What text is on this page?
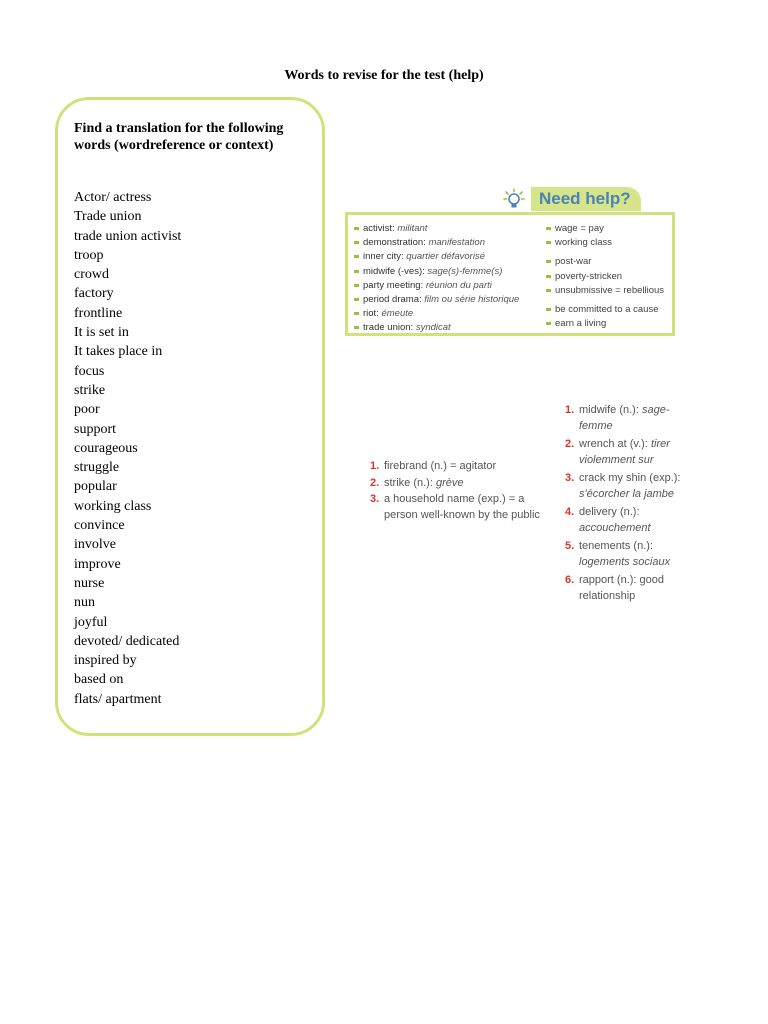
Words to revise for the test (help)

Find a translation for the following words (wordreference or context)

Actor/ actress
Trade union
trade union activist
troop
crowd
factory
frontline
It is set in
It takes place in
focus
strike
poor
support
courageous
struggle
popular
working class
convince
involve
improve
nurse
nun
joyful
devoted/ dedicated
inspired by
based on
flats/ apartment
Need help?
activist: militant
demonstration: manifestation
inner city: quartier défavorisé
midwife (-ves): sage(s)-femme(s)
party meeting: réunion du parti
period drama: film ou série historique
riot: émeute
trade union: syndicat
wage = pay
working class
post-war
poverty-stricken
unsubmissive = rebellious
be committed to a cause
earn a living
1. firebrand (n.) = agitator
2. strike (n.): grève
3. a household name (exp.) = a person well-known by the public
1. midwife (n.): sage-femme
2. wrench at (v.): tirer violemment sur
3. crack my shin (exp.): s'écorcher la jambe
4. delivery (n.): accouchement
5. tenements (n.): logements sociaux
6. rapport (n.): good relationship
